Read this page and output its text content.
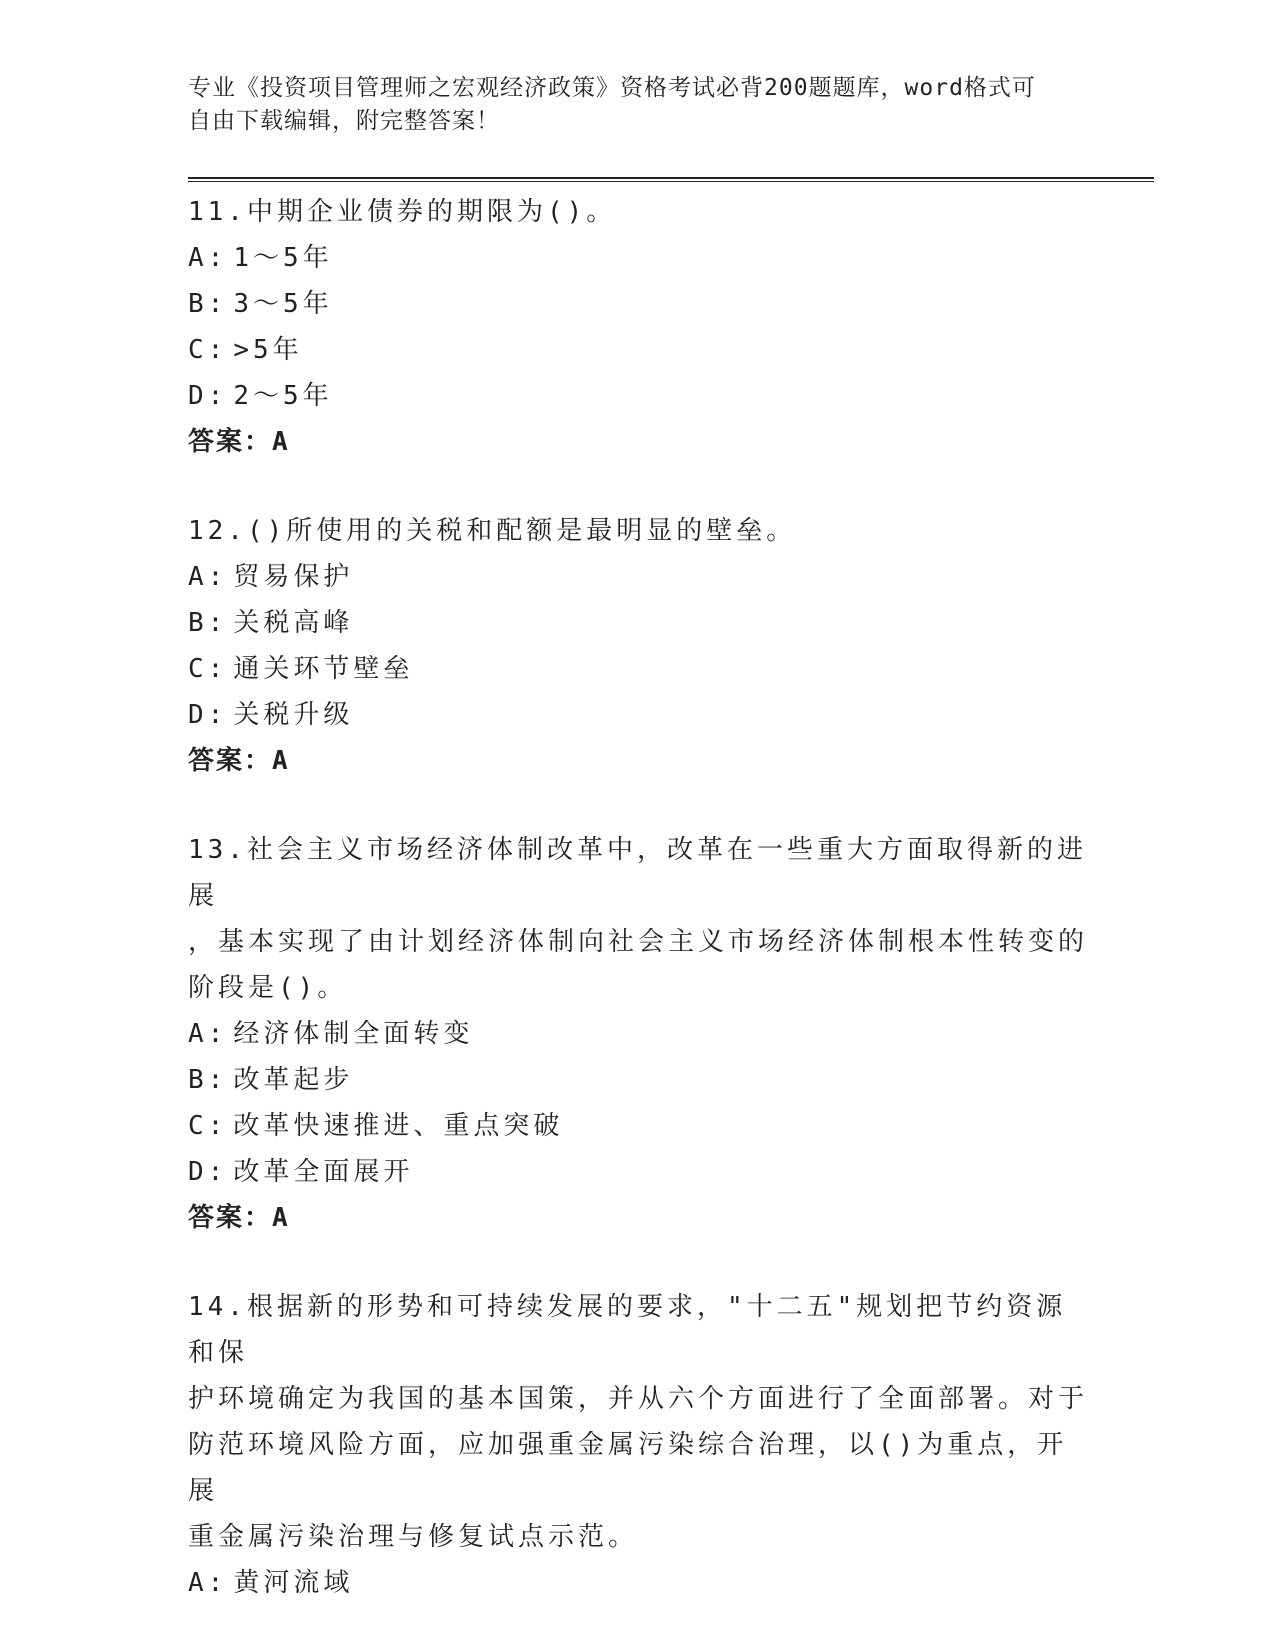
专业《投资项目管理师之宏观经济政策》资格考试必背200题题库，word格式可
自由下载编辑，附完整答案！

11.中期企业债券的期限为()。

A: 1～5年
B: 3～5年
C: >5年
D: 2～5年

答案：A

12.()所使用的关税和配额是最明显的壁垒。

A: 贸易保护
B: 关税高峰
C: 通关环节壁垒
D: 关税升级

答案：A

13.社会主义市场经济体制改革中，改革在一些重大方面取得新的进展

，基本实现了由计划经济体制向社会主义市场经济体制根本性转变的

阶段是()。

A: 经济体制全面转变
B: 改革起步
C: 改革快速推进、重点突破
D: 改革全面展开

答案：A

14.根据新的形势和可持续发展的要求，"十二五"规划把节约资源和保

护环境确定为我国的基本国策，并从六个方面进行了全面部署。对于

防范环境风险方面，应加强重金属污染综合治理，以()为重点，开展

重金属污染治理与修复试点示范。

A: 黄河流域
